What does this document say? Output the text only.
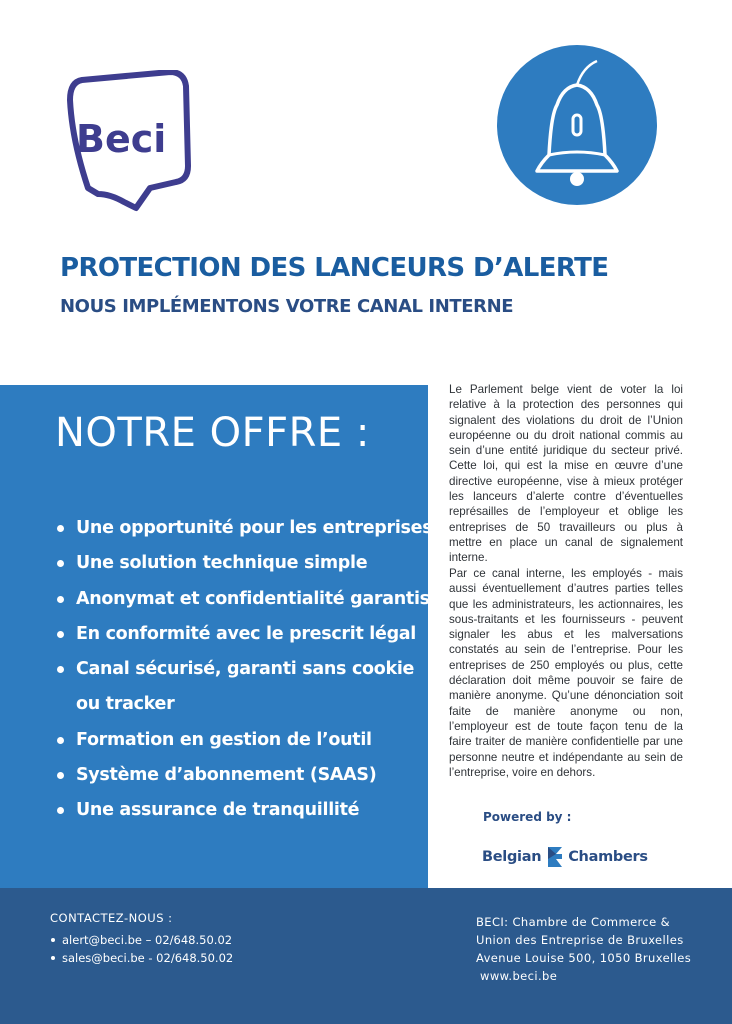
Beci
PROTECTION DES LANCEURS D’ALERTE
NOUS IMPLÉMENTONS VOTRE CANAL INTERNE
NOTRE OFFRE :
Une opportunité pour les entreprises
Une solution technique simple
Anonymat et confidentialité garantis
En conformité avec le prescrit légal
Canal sécurisé, garanti sans cookie
ou tracker
Formation en gestion de l’outil
Système d’abonnement (SAAS)
Une assurance de tranquillité

Le Parlement belge vient de voter la loi relative à la protection des personnes qui signalent des violations du droit de l’Union européenne ou du droit national commis au sein d’une entité juridique du secteur privé. Cette loi, qui est la mise en œuvre d’une directive européenne, vise à mieux protéger les lanceurs d’alerte contre d’éventuelles représailles de l’employeur et oblige les entreprises de 50 travailleurs ou plus à mettre en place un canal de signalement interne.

Par ce canal interne, les employés - mais aussi éventuellement d’autres parties telles que les administrateurs, les actionnaires, les sous-traitants et les fournisseurs - peuvent signaler les abus et les malversations constatés au sein de l’entreprise. Pour les entreprises de 250 employés ou plus, cette déclaration doit même pouvoir se faire de manière anonyme. Qu’une dénonciation soit faite de manière anonyme ou non, l’employeur est de toute façon tenu de la faire traiter de manière confidentielle par une personne neutre et indépendante au sein de l’entreprise, voire en dehors.

Powered by :

Belgian Chambers

CONTACTEZ-NOUS :

alert@beci.be – 02/648.50.02
sales@beci.be - 02/648.50.02

BECI: Chambre de Commerce &
Union des Entreprise de Bruxelles
Avenue Louise 500, 1050 Bruxelles
www.beci.be
